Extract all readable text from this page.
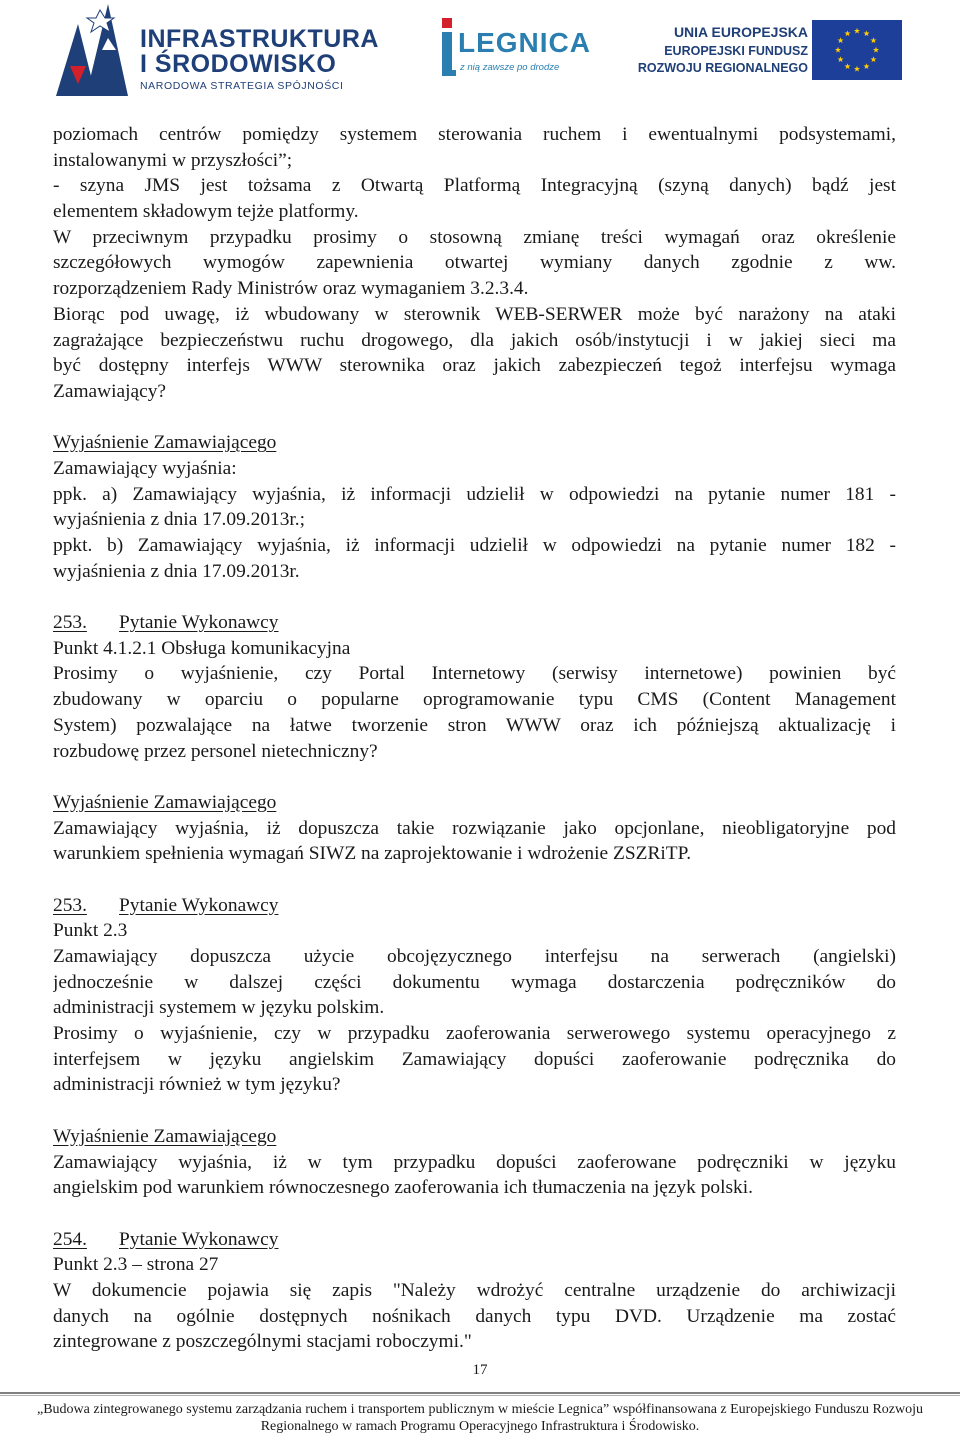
INFRASTRUKTURA
I ŚRODOWISKO
NARODOWA STRATEGIA SPÓJNOŚCI
LEGNICA
z nią zawsze po drodze
UNIA EUROPEJSKA
EUROPEJSKI FUNDUSZ
ROZWOJU REGIONALNEGO
poziomach centrów pomiędzy systemem sterowania ruchem i ewentualnymi podsystemami,
instalowanymi w przyszłości”;
- szyna JMS jest tożsama z Otwartą Platformą Integracyjną (szyną danych) bądź jest
elementem składowym tejże platformy.
W przeciwnym przypadku prosimy o stosowną zmianę treści wymagań oraz określenie
szczegółowych wymogów zapewnienia otwartej wymiany danych zgodnie z ww.
rozporządzeniem Rady Ministrów oraz wymaganiem 3.2.3.4.
Biorąc pod uwagę, iż wbudowany w sterownik WEB-SERWER może być narażony na ataki
zagrażające bezpieczeństwu ruchu drogowego, dla jakich osób/instytucji i w jakiej sieci ma
być dostępny interfejs WWW sterownika oraz jakich zabezpieczeń tegoż interfejsu wymaga
Zamawiający?
Wyjaśnienie Zamawiającego
Zamawiający wyjaśnia:
ppk. a) Zamawiający wyjaśnia, iż informacji udzielił w odpowiedzi na pytanie numer 181 -
wyjaśnienia z dnia 17.09.2013r.;
ppkt. b) Zamawiający wyjaśnia, iż informacji udzielił w odpowiedzi na pytanie numer 182 -
wyjaśnienia z dnia 17.09.2013r.
253. Pytanie Wykonawcy
Punkt 4.1.2.1 Obsługa komunikacyjna
Prosimy o wyjaśnienie, czy Portal Internetowy (serwisy internetowe) powinien być
zbudowany w oparciu o popularne oprogramowanie typu CMS (Content Management
System) pozwalające na łatwe tworzenie stron WWW oraz ich późniejszą aktualizację i
rozbudowę przez personel nietechniczny?
Wyjaśnienie Zamawiającego
Zamawiający wyjaśnia, iż dopuszcza takie rozwiązanie jako opcjonlane, nieobligatoryjne pod
warunkiem spełnienia wymagań SIWZ na zaprojektowanie i wdrożenie ZSZRiTP.
253. Pytanie Wykonawcy
Punkt 2.3
Zamawiający dopuszcza użycie obcojęzycznego interfejsu na serwerach (angielski)
jednocześnie w dalszej części dokumentu wymaga dostarczenia podręczników do
administracji systemem w języku polskim.
Prosimy o wyjaśnienie, czy w przypadku zaoferowania serwerowego systemu operacyjnego z
interfejsem w języku angielskim Zamawiający dopuści zaoferowanie podręcznika do
administracji również w tym języku?
Wyjaśnienie Zamawiającego
Zamawiający wyjaśnia, iż w tym przypadku dopuści zaoferowane podręczniki w języku
angielskim pod warunkiem równoczesnego zaoferowania ich tłumaczenia na język polski.
254. Pytanie Wykonawcy
Punkt 2.3 – strona 27
W dokumencie pojawia się zapis "Należy wdrożyć centralne urządzenie do archiwizacji
danych na ogólnie dostępnych nośnikach danych typu DVD. Urządzenie ma zostać
zintegrowane z poszczególnymi stacjami roboczymi."
17
„Budowa zintegrowanego systemu zarządzania ruchem i transportem publicznym w mieście Legnica” współfinansowana z Europejskiego Funduszu Rozwoju
Regionalnego w ramach Programu Operacyjnego Infrastruktura i Środowisko.
